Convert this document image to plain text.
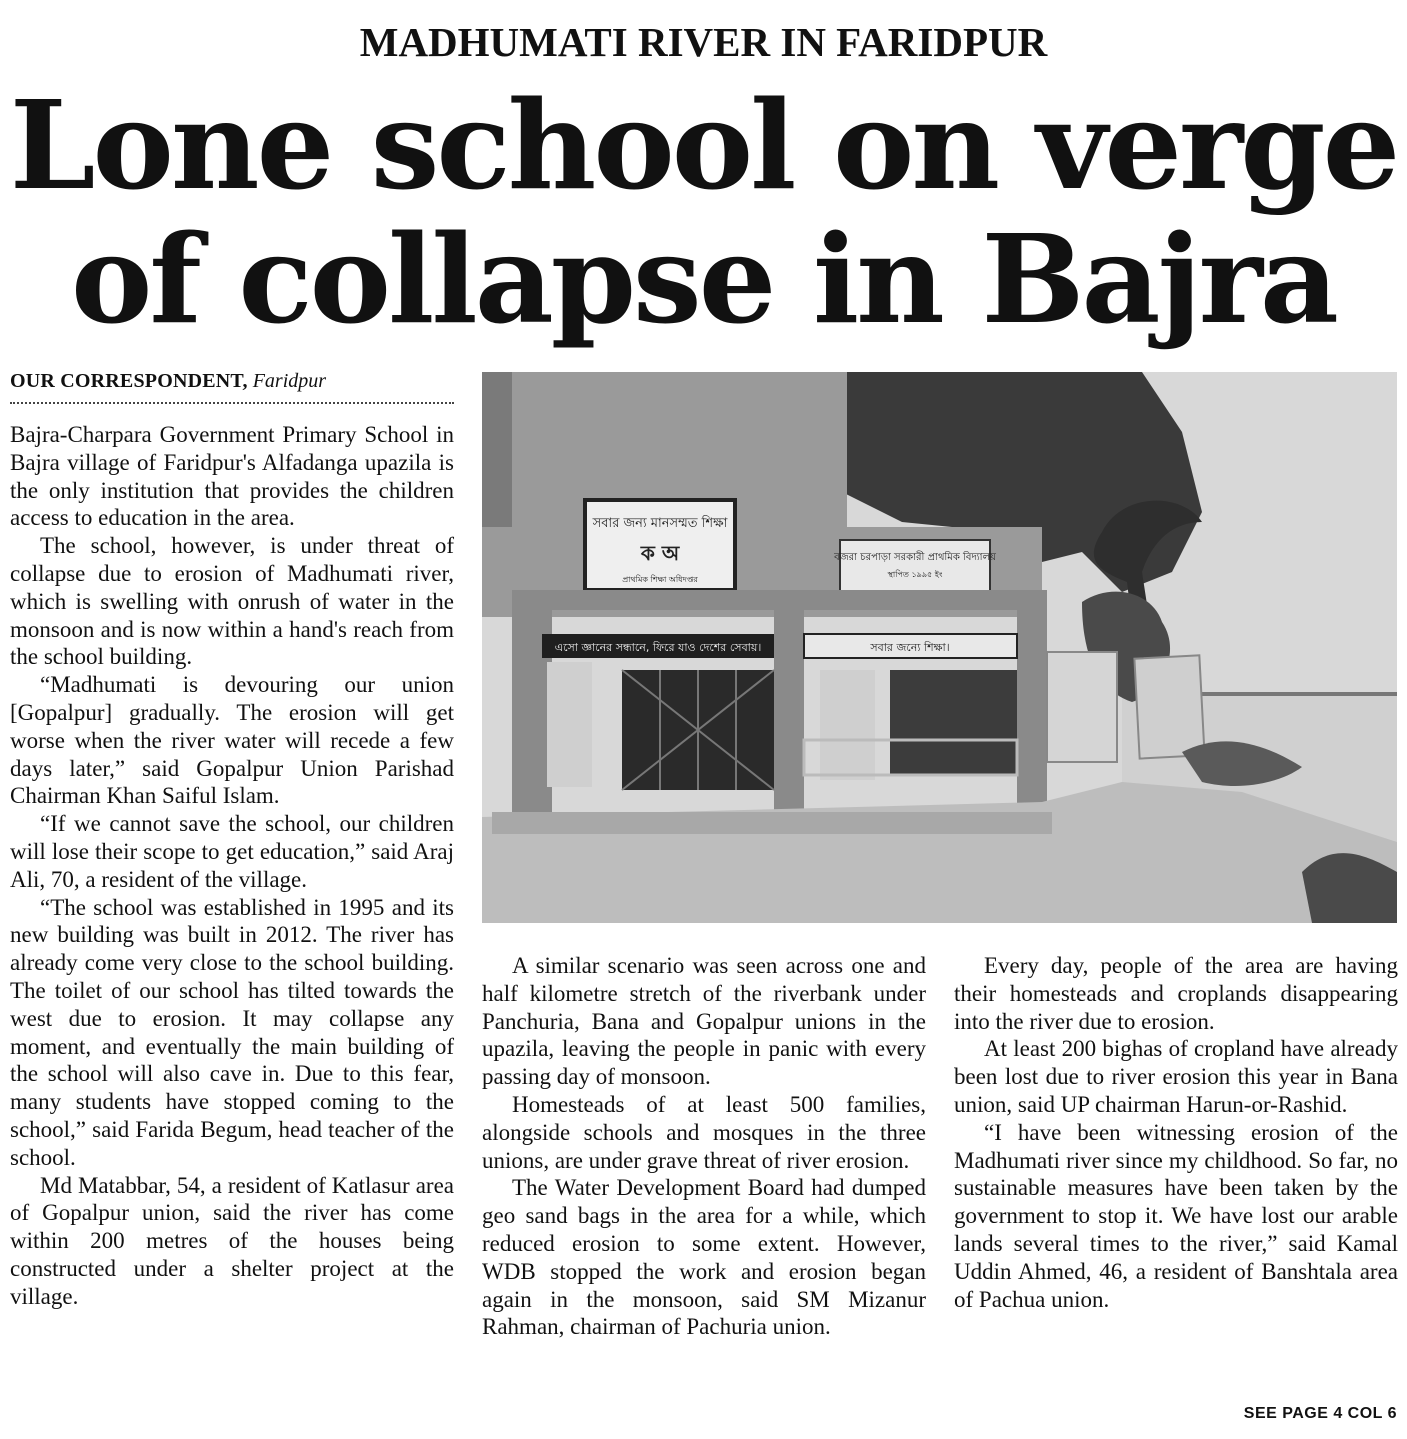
MADHUMATI RIVER IN FARIDPUR
Lone school on verge
of collapse in Bajra
OUR CORRESPONDENT, Faridpur

Bajra-Charpara Government Primary School in Bajra village of Faridpur's Alfadanga upazila is the only institution that provides the children access to education in the area.

The school, however, is under threat of collapse due to erosion of Madhumati river, which is swelling with onrush of water in the monsoon and is now within a hand's reach from the school building.

“Madhumati is devouring our union [Gopalpur] gradually. The erosion will get worse when the river water will recede a few days later,” said Gopalpur Union Parishad Chairman Khan Saiful Islam.

“If we cannot save the school, our children will lose their scope to get education,” said Araj Ali, 70, a resident of the village.

“The school was established in 1995 and its new building was built in 2012. The river has already come very close to the school building. The toilet of our school has tilted towards the west due to erosion. It may collapse any moment, and eventually the main building of the school will also cave in. Due to this fear, many students have stopped coming to the school,” said Farida Begum, head teacher of the school.

Md Matabbar, 54, a resident of Katlasur area of Gopalpur union, said the river has come within 200 metres of the houses being constructed under a shelter project at the village.

সবার জন্য মানসম্মত শিক্ষা
ক অ
প্রাথমিক শিক্ষা অধিদপ্তর
বজরা চরপাড়া সরকারী প্রাথমিক বিদ্যালয়
স্থাপিত ১৯৯৫ ইং
এসো জ্ঞানের সন্ধানে, ফিরে যাও দেশের সেবায়।	সবার জন্যে শিক্ষা।

A similar scenario was seen across one and half kilometre stretch of the riverbank under Panchuria, Bana and Gopalpur unions in the upazila, leaving the people in panic with every passing day of monsoon.

Homesteads of at least 500 families, alongside schools and mosques in the three unions, are under grave threat of river erosion.

The Water Development Board had dumped geo sand bags in the area for a while, which reduced erosion to some extent. However, WDB stopped the work and erosion began again in the monsoon, said SM Mizanur Rahman, chairman of Pachuria union.

Every day, people of the area are having their homesteads and croplands disappearing into the river due to erosion.

At least 200 bighas of cropland have already been lost due to river erosion this year in Bana union, said UP chairman Harun-or-Rashid.

“I have been witnessing erosion of the Madhumati river since my childhood. So far, no sustainable measures have been taken by the government to stop it. We have lost our arable lands several times to the river,” said Kamal Uddin Ahmed, 46, a resident of Banshtala area of Pachua union.

SEE PAGE 4 COL 6
